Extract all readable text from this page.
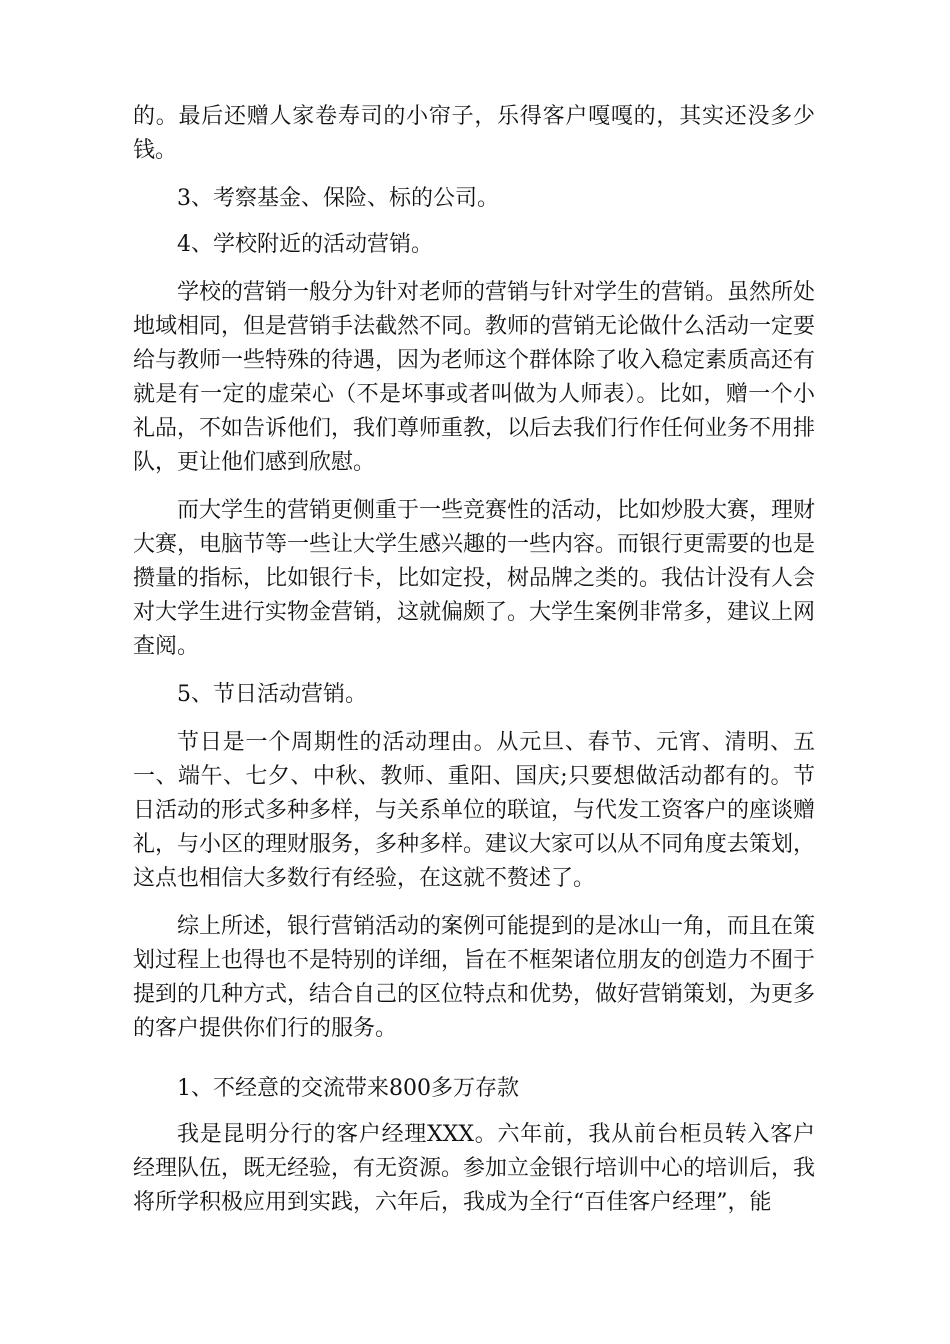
的。最后还赠人家卷寿司的小帘子，乐得客户嘎嘎的，其实还没多少钱。

3、考察基金、保险、标的公司。

4、学校附近的活动营销。

学校的营销一般分为针对老师的营销与针对学生的营销。虽然所处地域相同，但是营销手法截然不同。教师的营销无论做什么活动一定要给与教师一些特殊的待遇，因为老师这个群体除了收入稳定素质高还有就是有一定的虚荣心（不是坏事或者叫做为人师表）。比如，赠一个小礼品，不如告诉他们，我们尊师重教，以后去我们行作任何业务不用排队，更让他们感到欣慰。

而大学生的营销更侧重于一些竞赛性的活动，比如炒股大赛，理财大赛，电脑节等一些让大学生感兴趣的一些内容。而银行更需要的也是攒量的指标，比如银行卡，比如定投，树品牌之类的。我估计没有人会对大学生进行实物金营销，这就偏颇了。大学生案例非常多，建议上网查阅。

5、节日活动营销。

节日是一个周期性的活动理由。从元旦、春节、元宵、清明、五一、端午、七夕、中秋、教师、重阳、国庆;只要想做活动都有的。节日活动的形式多种多样，与关系单位的联谊，与代发工资客户的座谈赠礼，与小区的理财服务，多种多样。建议大家可以从不同角度去策划，这点也相信大多数行有经验，在这就不赘述了。

综上所述，银行营销活动的案例可能提到的是冰山一角，而且在策划过程上也得也不是特别的详细，旨在不框架诸位朋友的创造力不囿于提到的几种方式，结合自己的区位特点和优势，做好营销策划，为更多的客户提供你们行的服务。

1、不经意的交流带来800多万存款

我是昆明分行的客户经理XXX。六年前，我从前台柜员转入客户经理队伍，既无经验，有无资源。参加立金银行培训中心的培训后，我将所学积极应用到实践，六年后，我成为全行“百佳客户经理”，能
